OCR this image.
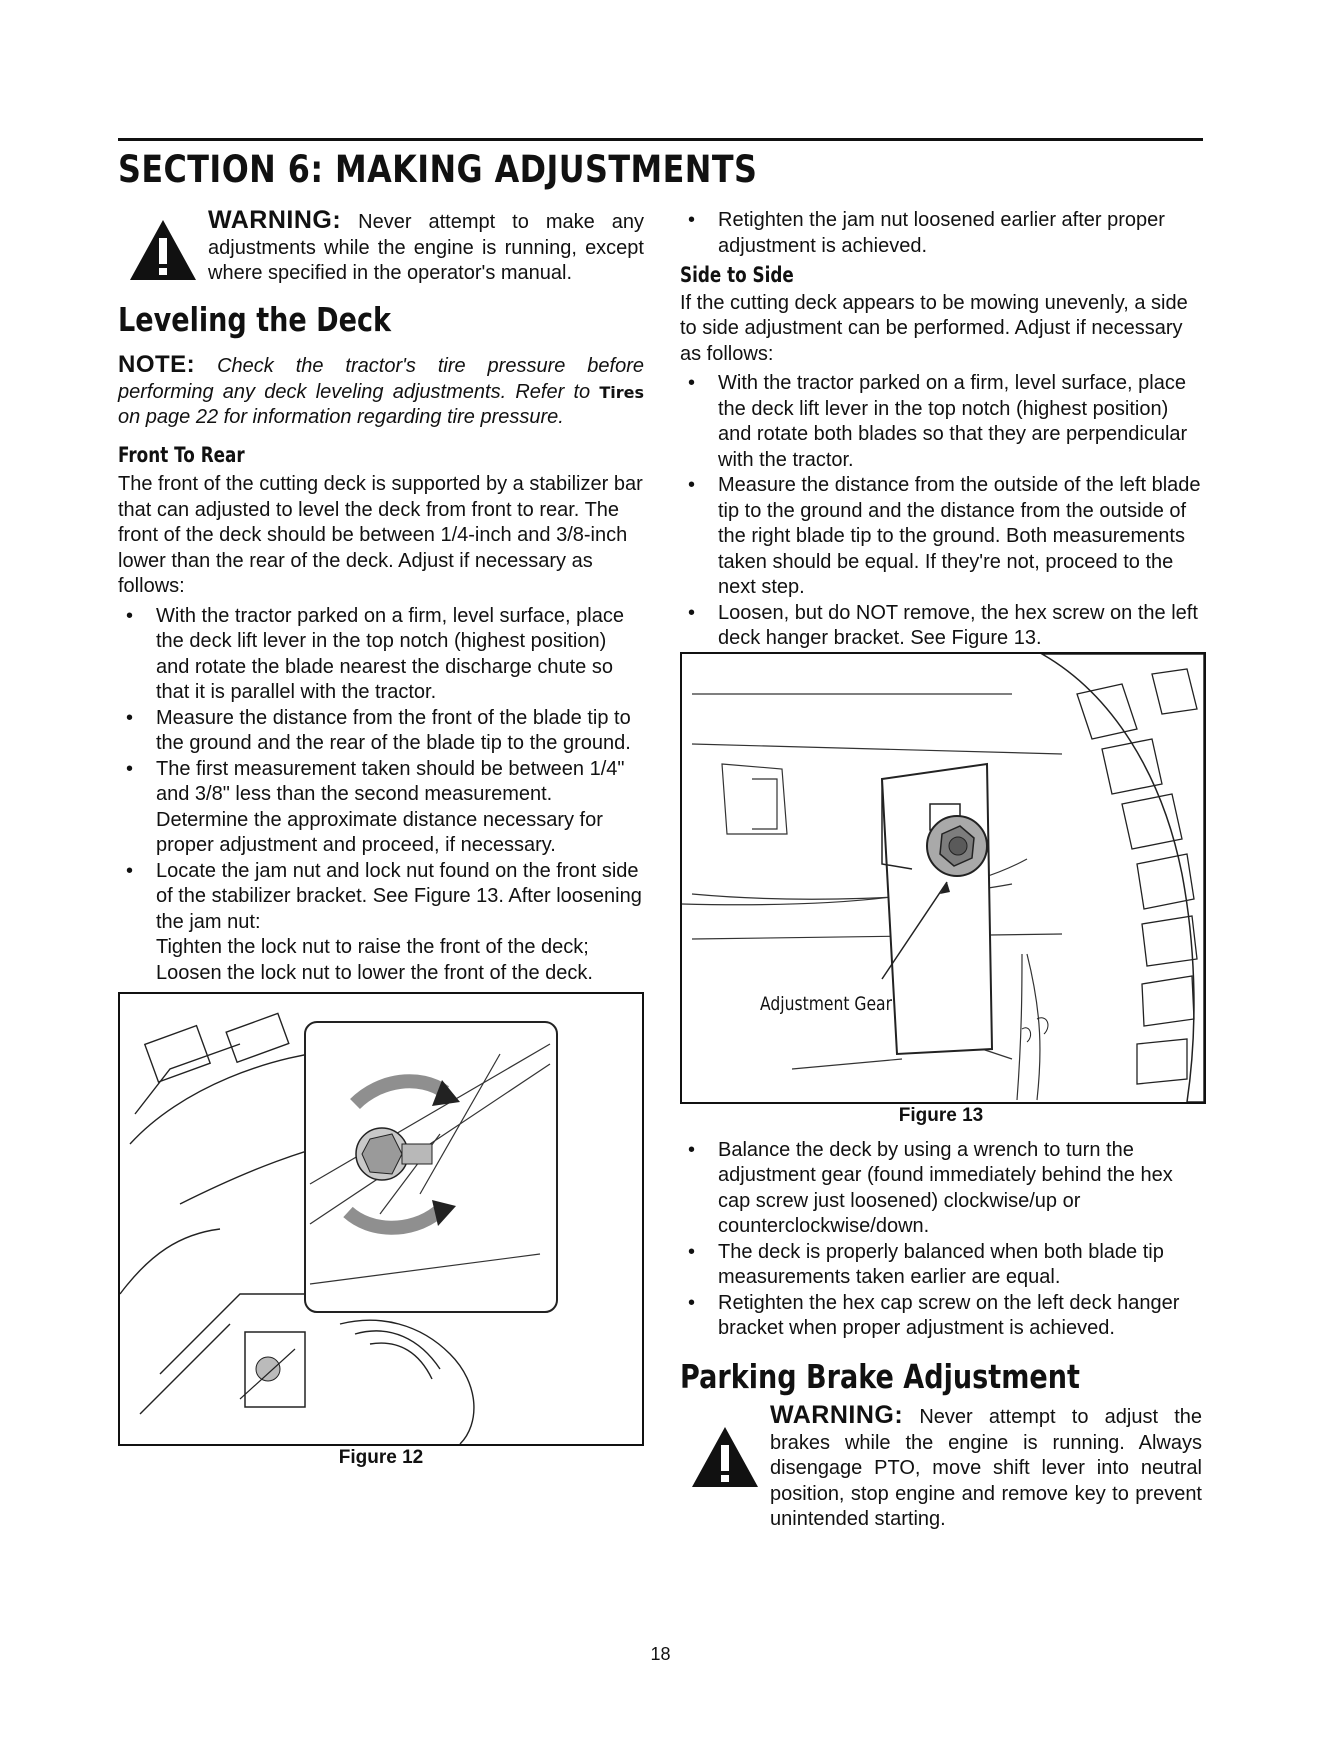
SECTION 6: MAKING ADJUSTMENTS
WARNING: Never attempt to make any adjustments while the engine is running, except where specified in the operator's manual.
Leveling the Deck

NOTE: Check the tractor's tire pressure before performing any deck leveling adjustments. Refer to Tires on page 22 for information regarding tire pressure.

Front To Rear

The front of the cutting deck is supported by a stabilizer bar that can adjusted to level the deck from front to rear. The front of the deck should be between 1/4-inch and 3/8-inch lower than the rear of the deck. Adjust if necessary as follows:

• With the tractor parked on a firm, level surface, place the deck lift lever in the top notch (highest position) and rotate the blade nearest the discharge chute so that it is parallel with the tractor.
• Measure the distance from the front of the blade tip to the ground and the rear of the blade tip to the ground.
• The first measurement taken should be between 1/4" and 3/8" less than the second measurement. Determine the approximate distance necessary for proper adjustment and proceed, if necessary.
• Locate the jam nut and lock nut found on the front side of the stabilizer bracket. See Figure 13. After loosening the jam nut:
Tighten the lock nut to raise the front of the deck;
Loosen the lock nut to lower the front of the deck.
Figure 12
• Retighten the jam nut loosened earlier after proper adjustment is achieved.
Side to Side

If the cutting deck appears to be mowing unevenly, a side to side adjustment can be performed. Adjust if necessary as follows:

• With the tractor parked on a firm, level surface, place the deck lift lever in the top notch (highest position) and rotate both blades so that they are perpendicular with the tractor.
• Measure the distance from the outside of the left blade tip to the ground and the distance from the outside of the right blade tip to the ground. Both measurements taken should be equal. If they're not, proceed to the next step.
• Loosen, but do NOT remove, the hex screw on the left deck hanger bracket. See Figure 13.
Adjustment Gear
Figure 13
• Balance the deck by using a wrench to turn the adjustment gear (found immediately behind the hex cap screw just loosened) clockwise/up or counterclockwise/down.
• The deck is properly balanced when both blade tip measurements taken earlier are equal.
• Retighten the hex cap screw on the left deck hanger bracket when proper adjustment is achieved.
Parking Brake Adjustment
WARNING: Never attempt to adjust the brakes while the engine is running. Always disengage PTO, move shift lever into neutral position, stop engine and remove key to prevent unintended starting.
18
